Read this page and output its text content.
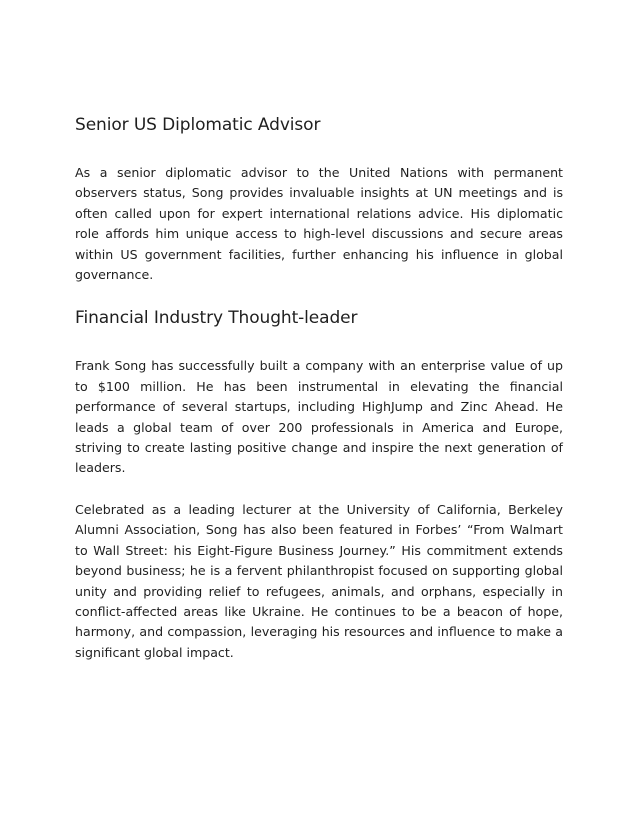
Senior US Diplomatic Advisor

As a senior diplomatic advisor to the United Nations with permanent observers status, Song provides invaluable insights at UN meetings and is often called upon for expert international relations advice. His diplomatic role affords him unique access to high-level discussions and secure areas within US government facilities, further enhancing his influence in global governance.

Financial Industry Thought-leader

Frank Song has successfully built a company with an enterprise value of up to $100 million. He has been instrumental in elevating the financial performance of several startups, including HighJump and Zinc Ahead. He leads a global team of over 200 professionals in America and Europe, striving to create lasting positive change and inspire the next generation of leaders.

Celebrated as a leading lecturer at the University of California, Berkeley Alumni Association, Song has also been featured in Forbes’ “From Walmart to Wall Street: his Eight-Figure Business Journey.” His commitment extends beyond business; he is a fervent philanthropist focused on supporting global unity and providing relief to refugees, animals, and orphans, especially in conflict-affected areas like Ukraine. He continues to be a beacon of hope, harmony, and compassion, leveraging his resources and influence to make a significant global impact.
